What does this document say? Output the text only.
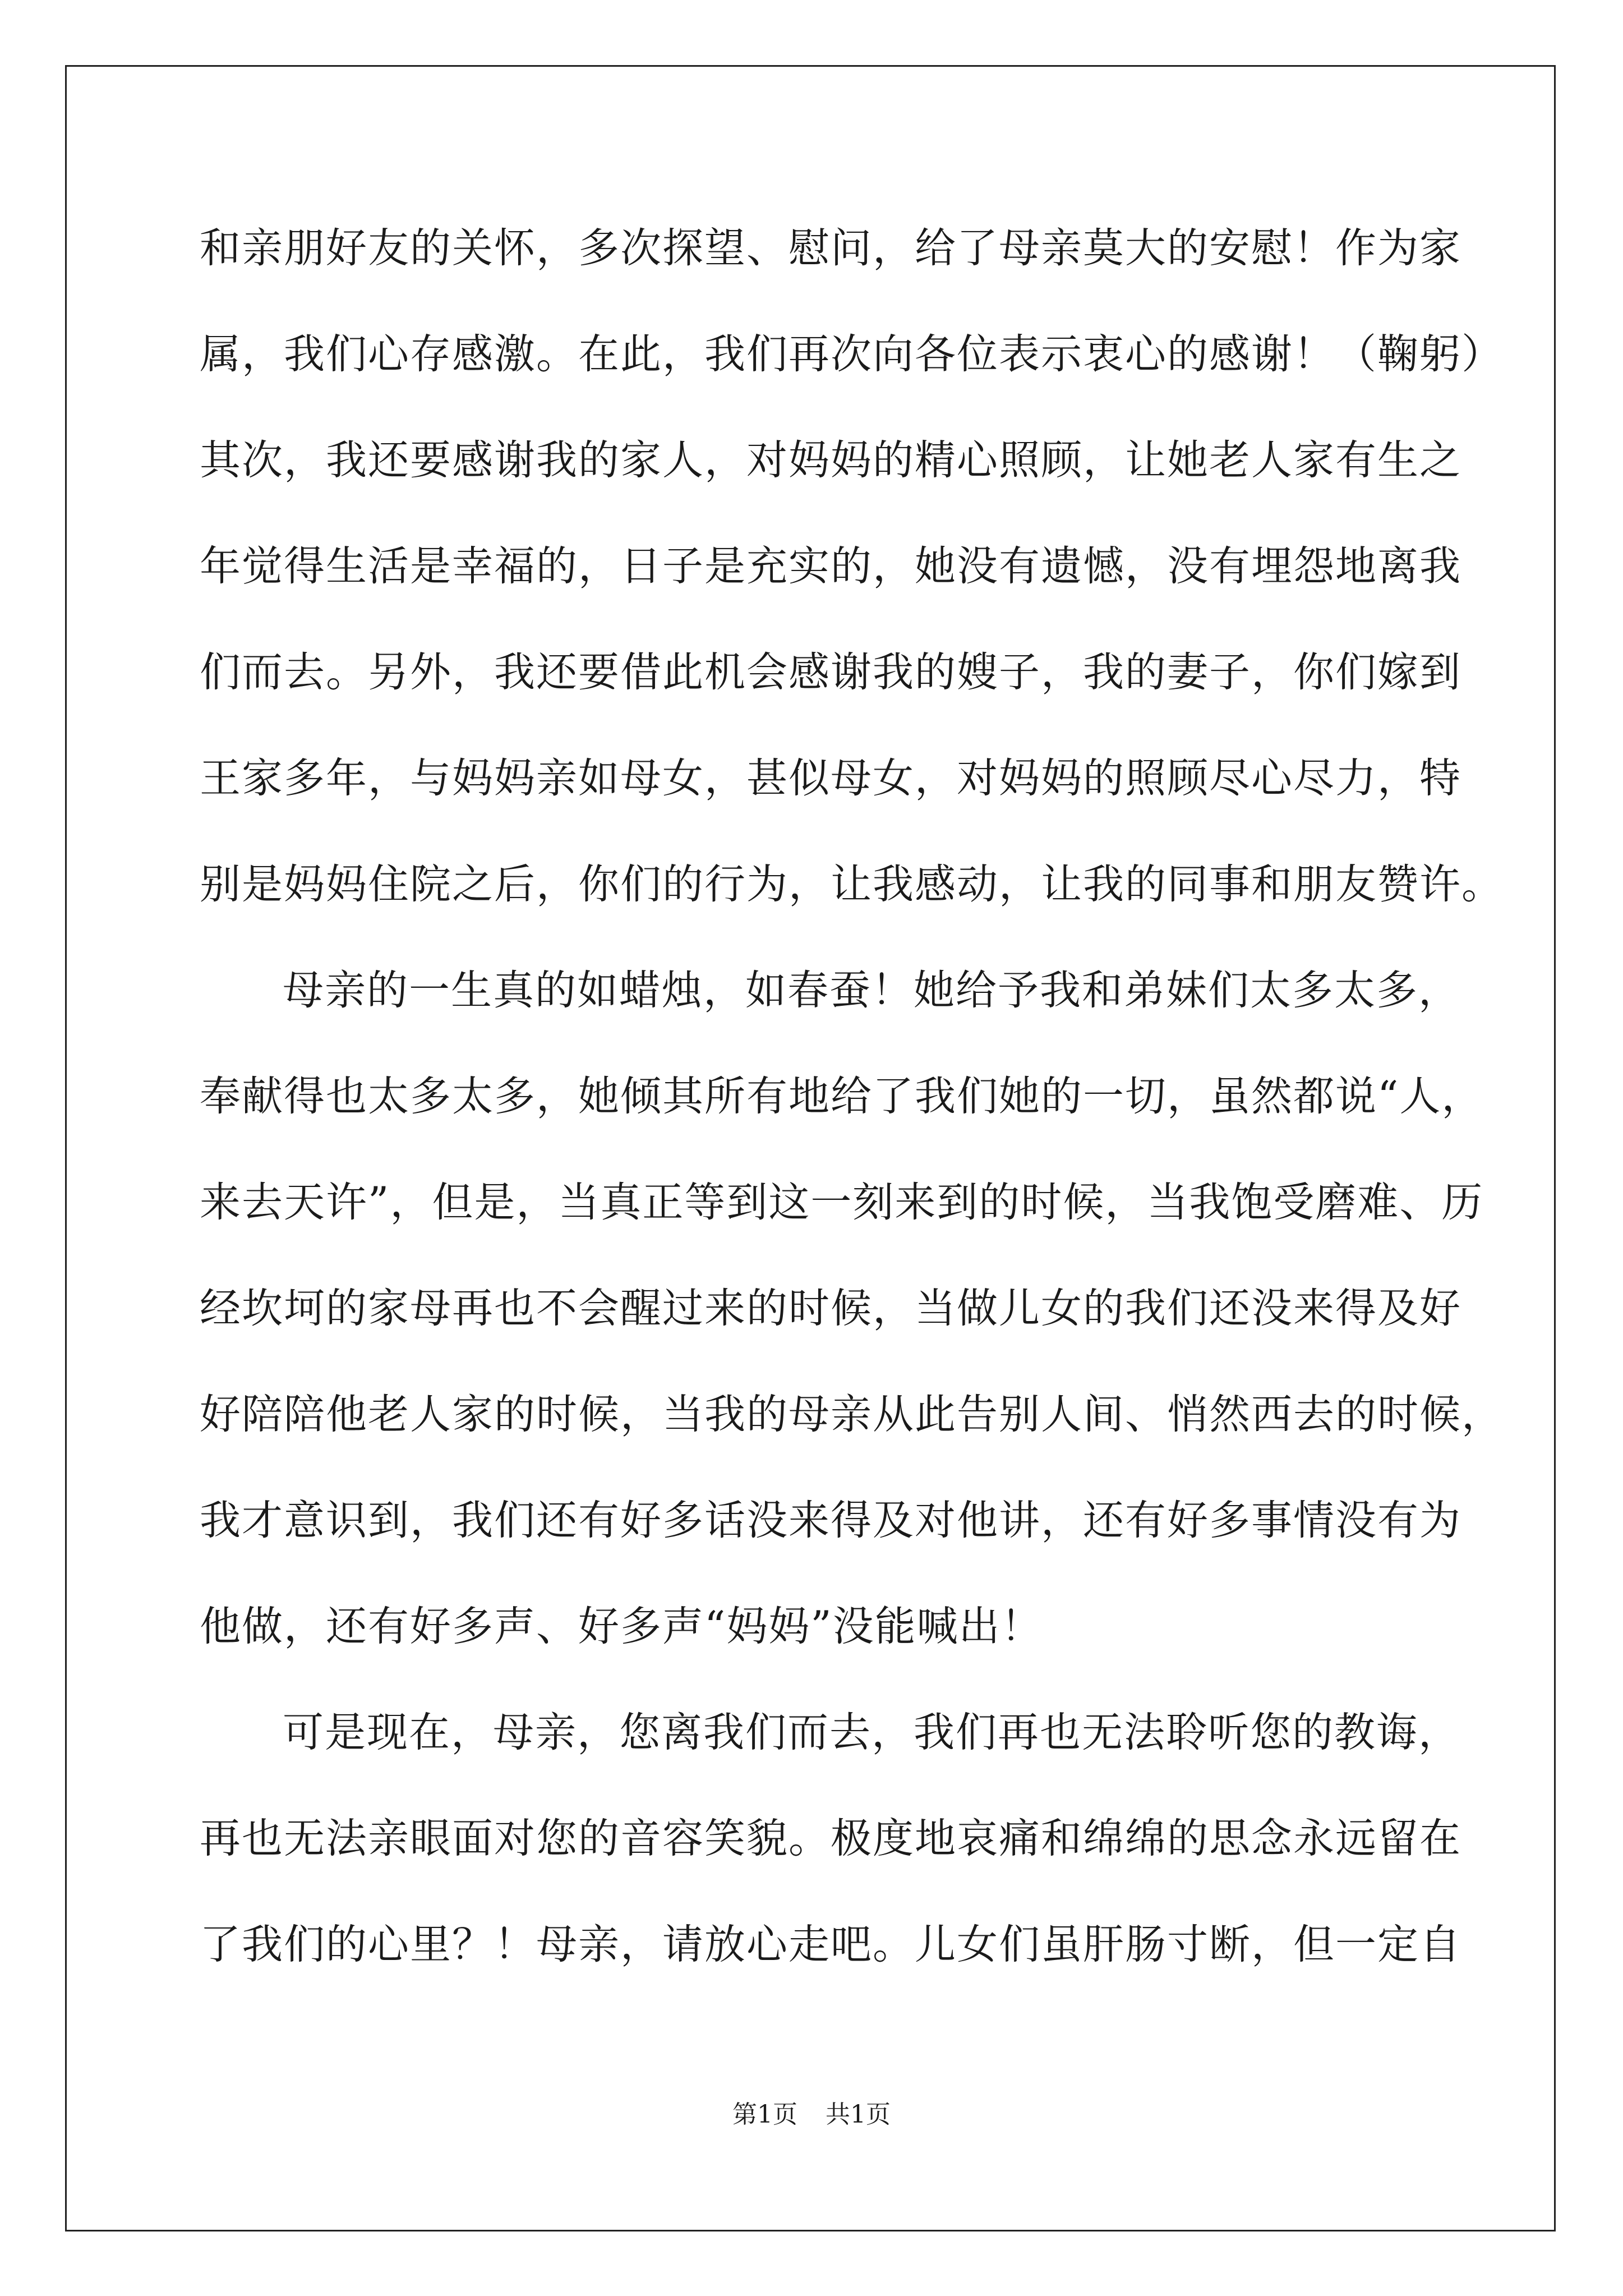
和亲朋好友的关怀，多次探望、慰问，给了母亲莫大的安慰！作为家
属，我们心存感激。在此，我们再次向各位表示衷心的感谢！（鞠躬）
其次，我还要感谢我的家人，对妈妈的精心照顾，让她老人家有生之
年觉得生活是幸福的，日子是充实的，她没有遗憾，没有埋怨地离我
们而去。另外，我还要借此机会感谢我的嫂子，我的妻子，你们嫁到
王家多年，与妈妈亲如母女，甚似母女，对妈妈的照顾尽心尽力，特
别是妈妈住院之后，你们的行为，让我感动，让我的同事和朋友赞许。
母亲的一生真的如蜡烛，如春蚕！她给予我和弟妹们太多太多，
奉献得也太多太多，她倾其所有地给了我们她的一切，虽然都说“人，
来去天许”，但是，当真正等到这一刻来到的时候，当我饱受磨难、历
经坎坷的家母再也不会醒过来的时候，当做儿女的我们还没来得及好
好陪陪他老人家的时候，当我的母亲从此告别人间、悄然西去的时候，
我才意识到，我们还有好多话没来得及对他讲，还有好多事情没有为
他做，还有好多声、好多声“妈妈”没能喊出！
可是现在，母亲，您离我们而去，我们再也无法聆听您的教诲，
再也无法亲眼面对您的音容笑貌。极度地哀痛和绵绵的思念永远留在
了我们的心里？！母亲，请放心走吧。儿女们虽肝肠寸断，但一定自
第1页 共1页
